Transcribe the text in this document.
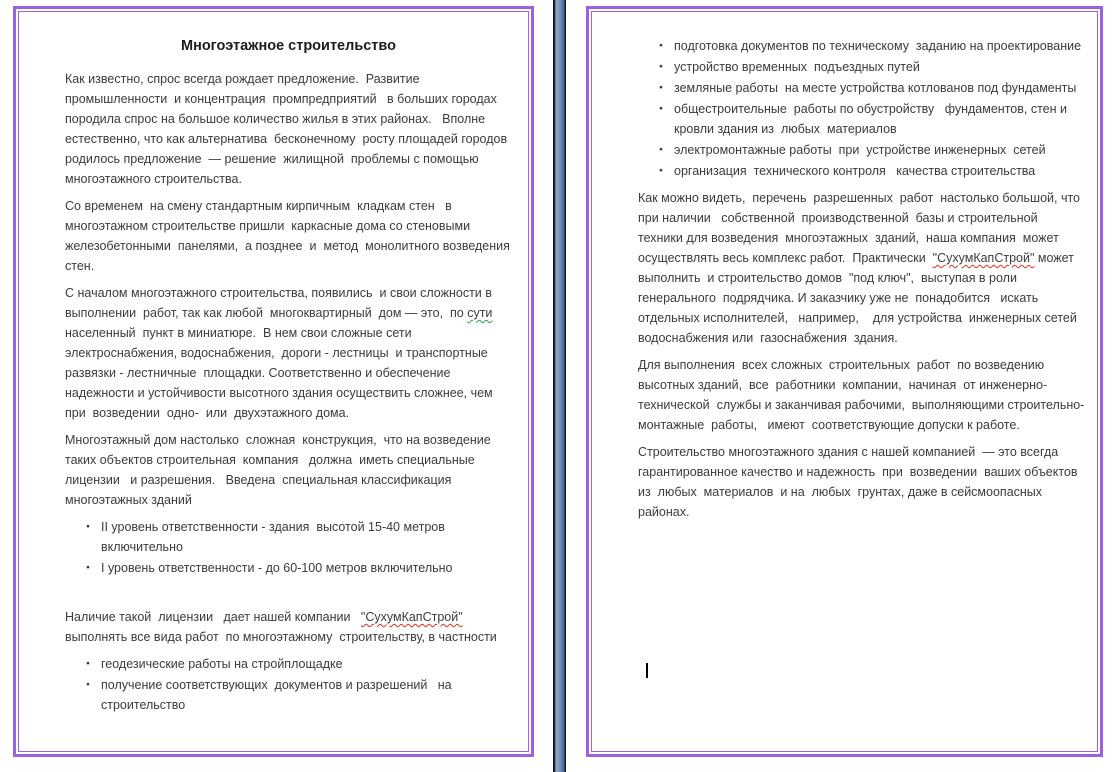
Многоэтажное строительство

Как известно, спрос всегда рождает предложение.  Развитие промышленности  и концентрация  промпредприятий   в больших городах породила спрос на большое количество жилья в этих районах.   Вполне естественно, что как альтернатива  бесконечному  росту площадей городов  родилось предложение  — решение  жилищной  проблемы с помощью  многоэтажного строительства.

Со временем  на смену стандартным кирпичным  кладкам стен   в многоэтажном строительстве пришли  каркасные дома со стеновыми железобетонными  панелями,  а позднее  и  метод  монолитного возведения стен.

С началом многоэтажного строительства, появились  и свои сложности в выполнении  работ, так как любой  многоквартирный  дом — это,  по сути  населенный  пункт в миниатюре.  В нем свои сложные сети электроснабжения, водоснабжения,  дороги - лестницы  и транспортные развязки - лестничные  площадки. Соответственно и обеспечение  надежности и устойчивости высотного здания осуществить сложнее, чем  при  возведении  одно-  или  двухэтажного дома.

Многоэтажный дом настолько  сложная  конструкция,  что на возведение   таких объектов строительная  компания   должна  иметь специальные  лицензии   и разрешения.   Введена  специальная классификация многоэтажных зданий

● II уровень ответственности - здания  высотой 15-40 метров включительно
● I уровень ответственности - до 60-100 метров включительно

Наличие такой  лицензии   дает нашей компании   "СухумКапСтрой" выполнять все вида работ  по многоэтажному  строительству, в частности

● геодезические работы на стройплощадке
● получение соответствующих  документов и разрешений   на строительство
● подготовка документов по техническому  заданию на проектирование
● устройство временных  подъездных путей
● земляные работы  на месте устройства котлованов под фундаменты
● общестроительные  работы по обустройству   фундаментов, стен и кровли здания из  любых  материалов
● электромонтажные работы  при  устройстве инженерных  сетей
● организация  технического контроля   качества строительства

Как можно видеть,  перечень  разрешенных  работ  настолько большой, что при наличии   собственной  производственной  базы и строительной техники для возведения  многоэтажных  зданий,  наша компания  может осуществлять весь комплекс работ.  Практически  "СухумКапСтрой" может выполнить  и строительство домов  "под ключ",  выступая в роли генерального  подрядчика. И заказчику уже не  понадобится   искать отдельных исполнителей,   например,    для устройства  инженерных сетей водоснабжения или  газоснабжения  здания.

Для выполнения  всех сложных  строительных  работ  по возведению высотных зданий,  все  работники  компании,  начиная  от инженерно-технической  службы и заканчивая рабочими,  выполняющими строительно-монтажные  работы,   имеют  соответствующие допуски к работе.

Строительство многоэтажного здания с нашей компанией  — это всегда гарантированное качество и надежность  при  возведении  ваших объектов из  любых  материалов  и на  любых  грунтах, даже в сейсмоопасных районах.
